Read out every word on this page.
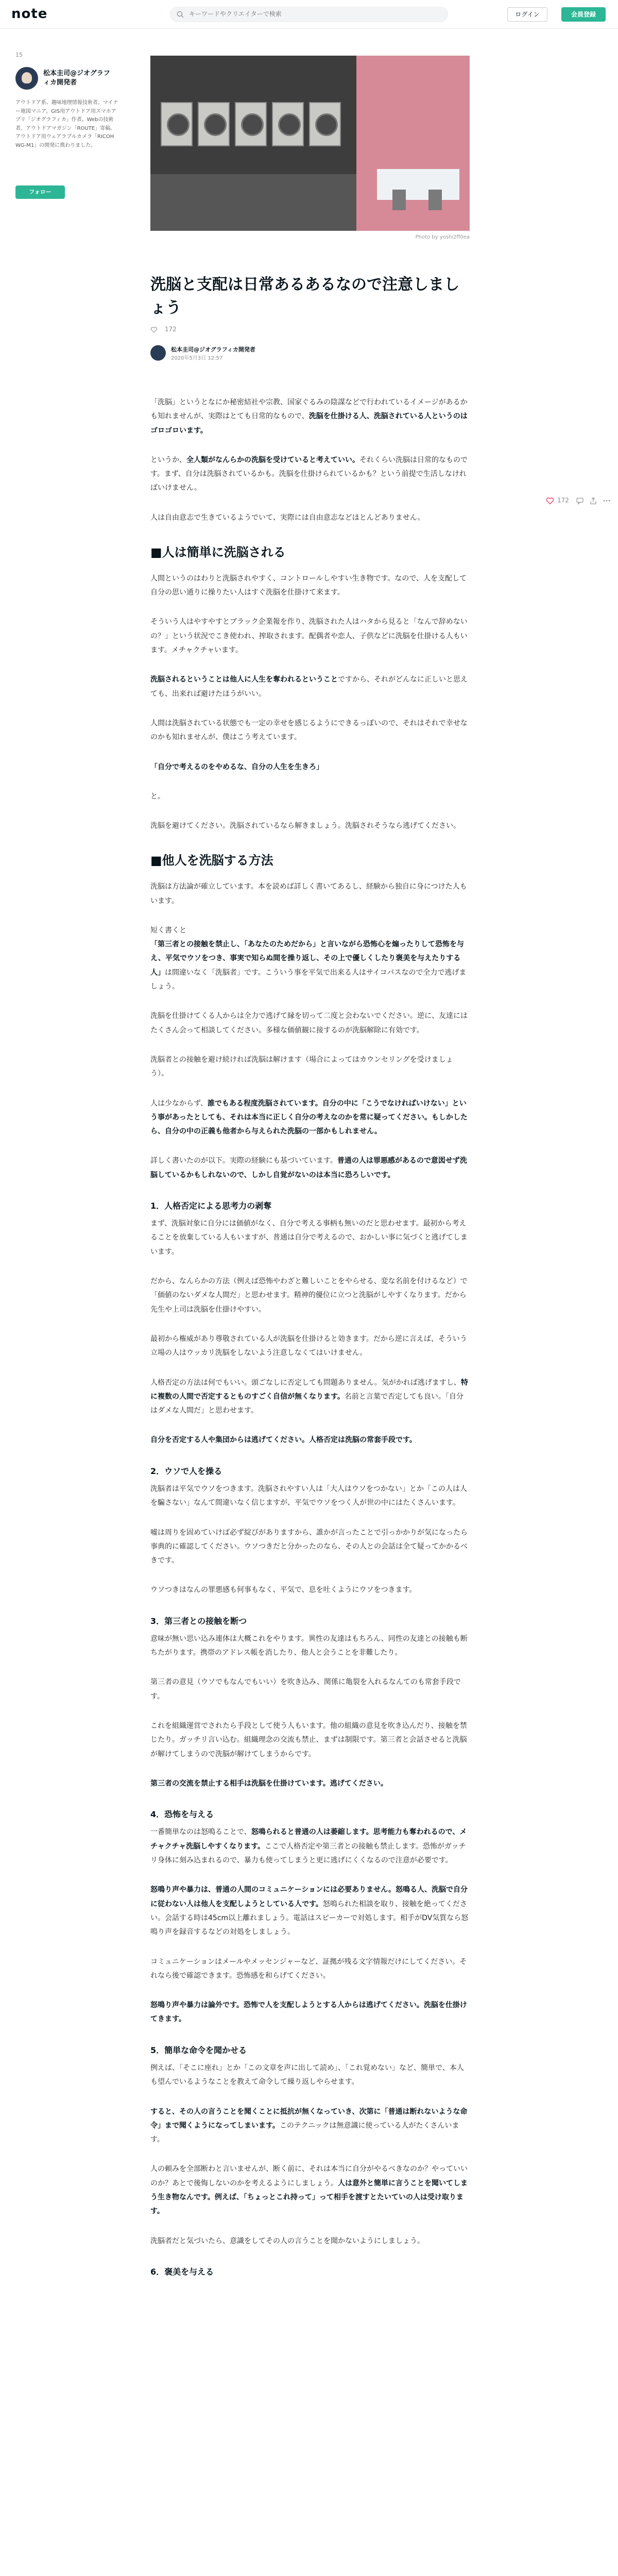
note
キーワードやクリエイターで検索	ログイン	会員登録
15
松本圭司@ジオグラフィカ開発者
アウトドア系、趣味地理情報技術者。マイナー地図マニア。GIS用アウトドア用スマホアプリ「ジオグラフィカ」作者。Webの技術者。アウトドアマガジン「ROUTE」寄稿。アウトドア用ウェアラブルカメラ「RICOH WG-M1」の開発に携わりました。
フォロー
Photo by yoshi2ff0ea
洗脳と支配は日常あるあるなので注意しましょう
172
松本圭司@ジオグラフィカ開発者
2020年5月3日 12:57
172

「洗脳」というとなにか秘密結社や宗教、国家ぐるみの陰謀などで行われているイメージがあるかも知れませんが、実際はとても日常的なもので、洗脳を仕掛ける人、洗脳されている人というのはゴロゴロいます。

というか、全人類がなんらかの洗脳を受けていると考えていい。それくらい洗脳は日常的なものです。まず、自分は洗脳されているかも。洗脳を仕掛けられているかも？という前提で生活しなければいけません。

人は自由意志で生きているようでいて、実際には自由意志などほとんどありません。

■人は簡単に洗脳される

人間というのはわりと洗脳されやすく、コントロールしやすい生き物です。なので、人を支配して自分の思い通りに操りたい人はすぐ洗脳を仕掛けて来ます。

そういう人はやすやすとブラック企業報を作り、洗脳された人はハタから見ると「なんで辞めないの？」という状況でこき使われ、搾取されます。配偶者や恋人、子供などに洗脳を仕掛ける人もいます。メチャクチャいます。

洗脳されるということは他人に人生を奪われるということですから、それがどんなに正しいと思えても、出来れば避けたほうがいい。

人間は洗脳されている状態でも一定の幸せを感じるようにできるっぽいので、それはそれで幸せなのかも知れませんが、僕はこう考えています。

「自分で考えるのをやめるな、自分の人生を生きろ」

と。

洗脳を避けてください。洗脳されているなら解きましょう。洗脳されそうなら逃げてください。

■他人を洗脳する方法

洗脳は方法論が確立しています。本を読めば詳しく書いてあるし、経験から独自に身につけた人もいます。

短く書くと

「第三者との接触を禁止し、「あなたのためだから」と言いながら恐怖心を煽ったりして恐怖を与え、平気でウソをつき、事実で知らぬ間を操り返し、その上で優しくしたり褒美を与えたりする人」は間違いなく「洗脳者」です。こういう事を平気で出来る人はサイコパスなので全力で逃げましょう。

洗脳を仕掛けてくる人からは全力で逃げて縁を切って二度と会わないでください。逆に、友達にはたくさん会って相談してください。多様な価値観に接するのが洗脳解除に有効です。

洗脳者との接触を避け続ければ洗脳は解けます（場合によってはカウンセリングを受けましょう）。

人は少なからず、誰でもある程度洗脳されています。自分の中に「こうでなければいけない」という事があったとしても、それは本当に正しく自分の考えなのかを常に疑ってください。もしかしたら、自分の中の正義も他者から与えられた洗脳の一部かもしれません。

詳しく書いたのが以下。実際の経験にも基づいています。普通の人は罪悪感があるので意図せず洗脳しているかもしれないので、しかし自覚がないのは本当に恐ろしいです。

1．人格否定による思考力の剥奪

まず、洗脳対象に自分には価値がなく、自分で考える事柄も無いのだと思わせます。最初から考えることを放棄している人もいますが、普通は自分で考えるので、おかしい事に気づくと逃げてしまいます。

だから、なんらかの方法（例えば恐怖やわざと難しいことをやらせる、変な名前を付けるなど）で「価値のないダメな人間だ」と思わせます。精神的優位に立つと洗脳がしやすくなります。だから先生や上司は洗脳を仕掛けやすい。

最初から権威があり尊敬されている人が洗脳を仕掛けると効きます。だから逆に言えば、そういう立場の人はウッカリ洗脳をしないよう注意しなくてはいけません。

人格否定の方法は何でもいい。頭ごなしに否定しても問題ありません。気がかれば逃げますし、特に複数の人間で否定するとものすごく自信が無くなります。名前と言葉で否定しても良い。「自分はダメな人間だ」と思わせます。

自分を否定する人や集団からは逃げてください。人格否定は洗脳の常套手段です。

2．ウソで人を操る

洗脳者は平気でウソをつきます。洗脳されやすい人は「大人はウソをつかない」とか「この人は人を騙さない」なんて間違いなく信じますが、平気でウソをつく人が世の中にはたくさんいます。

嘘は周りを固めていけば必ず綻びがありますから、誰かが言ったことで引っかかりが気になったら事典的に確認してください。ウソつきだと分かったのなら、その人との会話は全て疑ってかかるべきです。

ウソつきはなんの罪悪感も何事もなく、平気で、息を吐くようにウソをつきます。

3．第三者との接触を断つ

意味が無い思い込み連体は大概これをやります。異性の友達はもちろん、同性の友達との接触も断ちたがります。携帯のアドレス帳を消したり、他人と会うことを非難したり。

第三者の意見（ウソでもなんでもいい）を吹き込み、関係に亀裂を入れるなんてのも常套手段です。

これを組織運営でされたら手段として使う人もいます。他の組織の意見を吹き込んだり、接触を禁じたり。ガッチリ言い込む。組織理念の交流も禁止、まずは制限です。第三者と会話させると洗脳が解けてしまうので洗脳が解けてしまうからです。

第三者の交流を禁止する相手は洗脳を仕掛けています。逃げてください。

4．恐怖を与える

一番簡単なのは怒鳴ることで、怒鳴られると普通の人は萎縮します。思考能力も奪われるので、メチャクチャ洗脳しやすくなります。ここで人格否定や第三者との接触も禁止します。恐怖がガッチリ身体に刻み込まれるので、暴力も使ってしまうと更に逃げにくくなるので注意が必要です。

怒鳴り声や暴力は、普通の人間のコミュニケーションには必要ありません。怒鳴る人、洗脳で自分に従わない人は他人を支配しようとしている人です。怒鳴られた相談を取り、接触を絶ってください。会話する時は45cm以上離れましょう。電話はスピーカーで対処します。相手がDV気質なら怒鳴り声を録音するなどの対処をしましょう。

コミュニケーションはメールやメッセンジャーなど、証拠が残る文字情報だけにしてください。それなら後で確認できます。恐怖感を和らげてください。

怒鳴り声や暴力は論外です。恐怖で人を支配しようとする人からは逃げてください。洗脳を仕掛けてきます。

5．簡単な命令を聞かせる

例えば、「そこに座れ」とか「この文章を声に出して読め」、「これ覚めない」など、簡単で、本人も望んでいるようなことを教えて命令して繰り返しやらせます。

すると、その人の言うことを聞くことに抵抗が無くなっていき、次第に「普通は断れないような命令」まで聞くようになってしまいます。このテクニックは無意識に使っている人がたくさんいます。

人の頼みを全部断わと言いませんが、断く前に、それは本当に自分がやるべきなのか？やっていいのか？あとで後悔しないのかを考えるようにしましょう。人は意外と簡単に言うことを聞いてしまう生き物なんです。例えば、「ちょっとこれ持って」って相手を渡すとたいていの人は受け取ります。

洗脳者だと気づいたら、意識をしてその人の言うことを聞かないようにしましょう。

6．褒美を与える
